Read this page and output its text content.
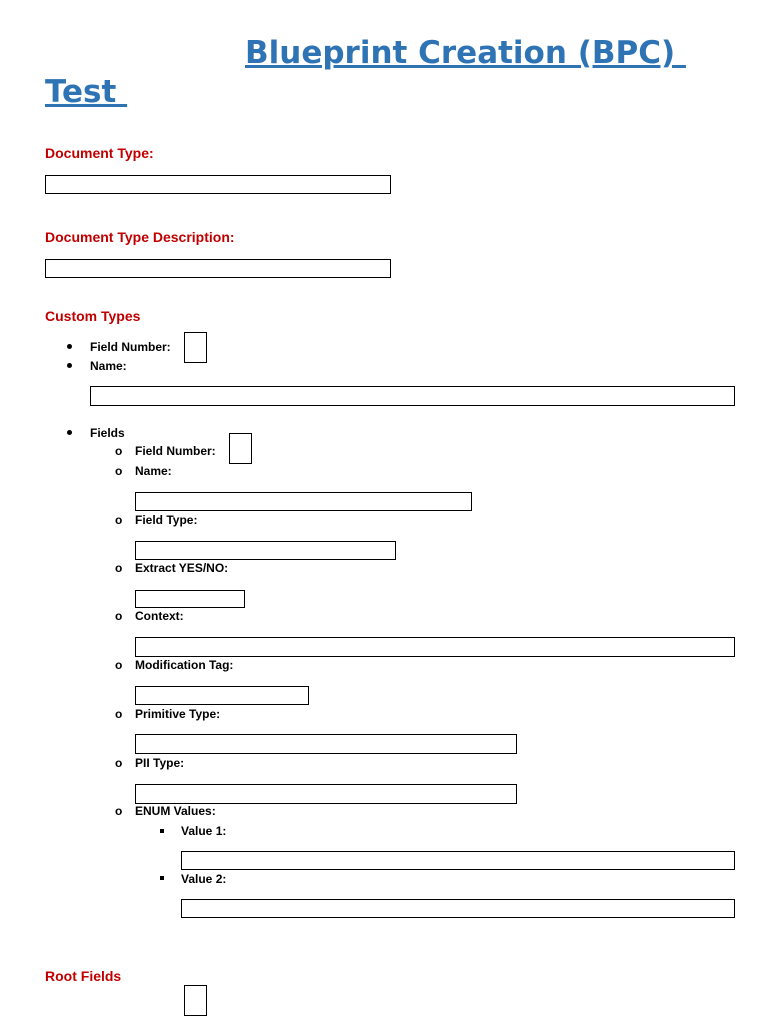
Blueprint Creation (BPC)
Test
Document Type:
Document Type Description:
Custom Types
Field Number:
Name:
Fields
o Field Number:
o Name:
o Field Type:
o Extract YES/NO:
o Context:
o Modification Tag:
o Primitive Type:
o PII Type:
o ENUM Values:
Value 1:
Value 2:
Root Fields
